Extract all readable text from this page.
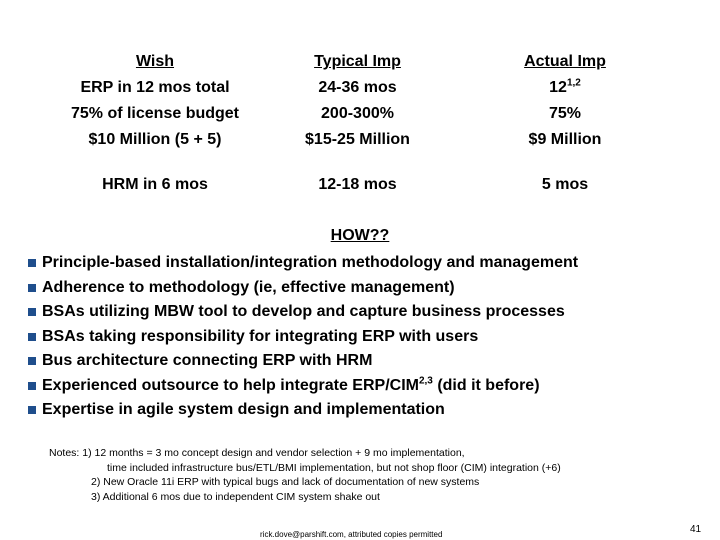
Wish	Typical Imp	Actual Imp
ERP in 12 mos total	24-36 mos	12$^{1,2}$
75% of license budget	200-300%	75%
$10 Million (5 + 5)	$15-25 Million	$9 Million
HRM in 6 mos	12-18 mos	5 mos
HOW??
Principle-based installation/integration methodology and management
Adherence to methodology (ie, effective management)
BSAs utilizing MBW tool to develop and capture business processes
BSAs taking responsibility for integrating ERP with users
Bus architecture connecting ERP with HRM
Experienced outsource to help integrate ERP/CIM$^{2,3}$ (did it before)
Expertise in agile system design and implementation
Notes: 1) 12 months = 3 mo concept design and vendor selection + 9 mo implementation,
time included infrastructure bus/ETL/BMI implementation, but not shop floor (CIM) integration (+6)
2) New Oracle 11i ERP with typical bugs and lack of documentation of new systems
3) Additional 6 mos due to independent CIM system shake out
rick.dove@parshift.com, attributed copies permitted	41
